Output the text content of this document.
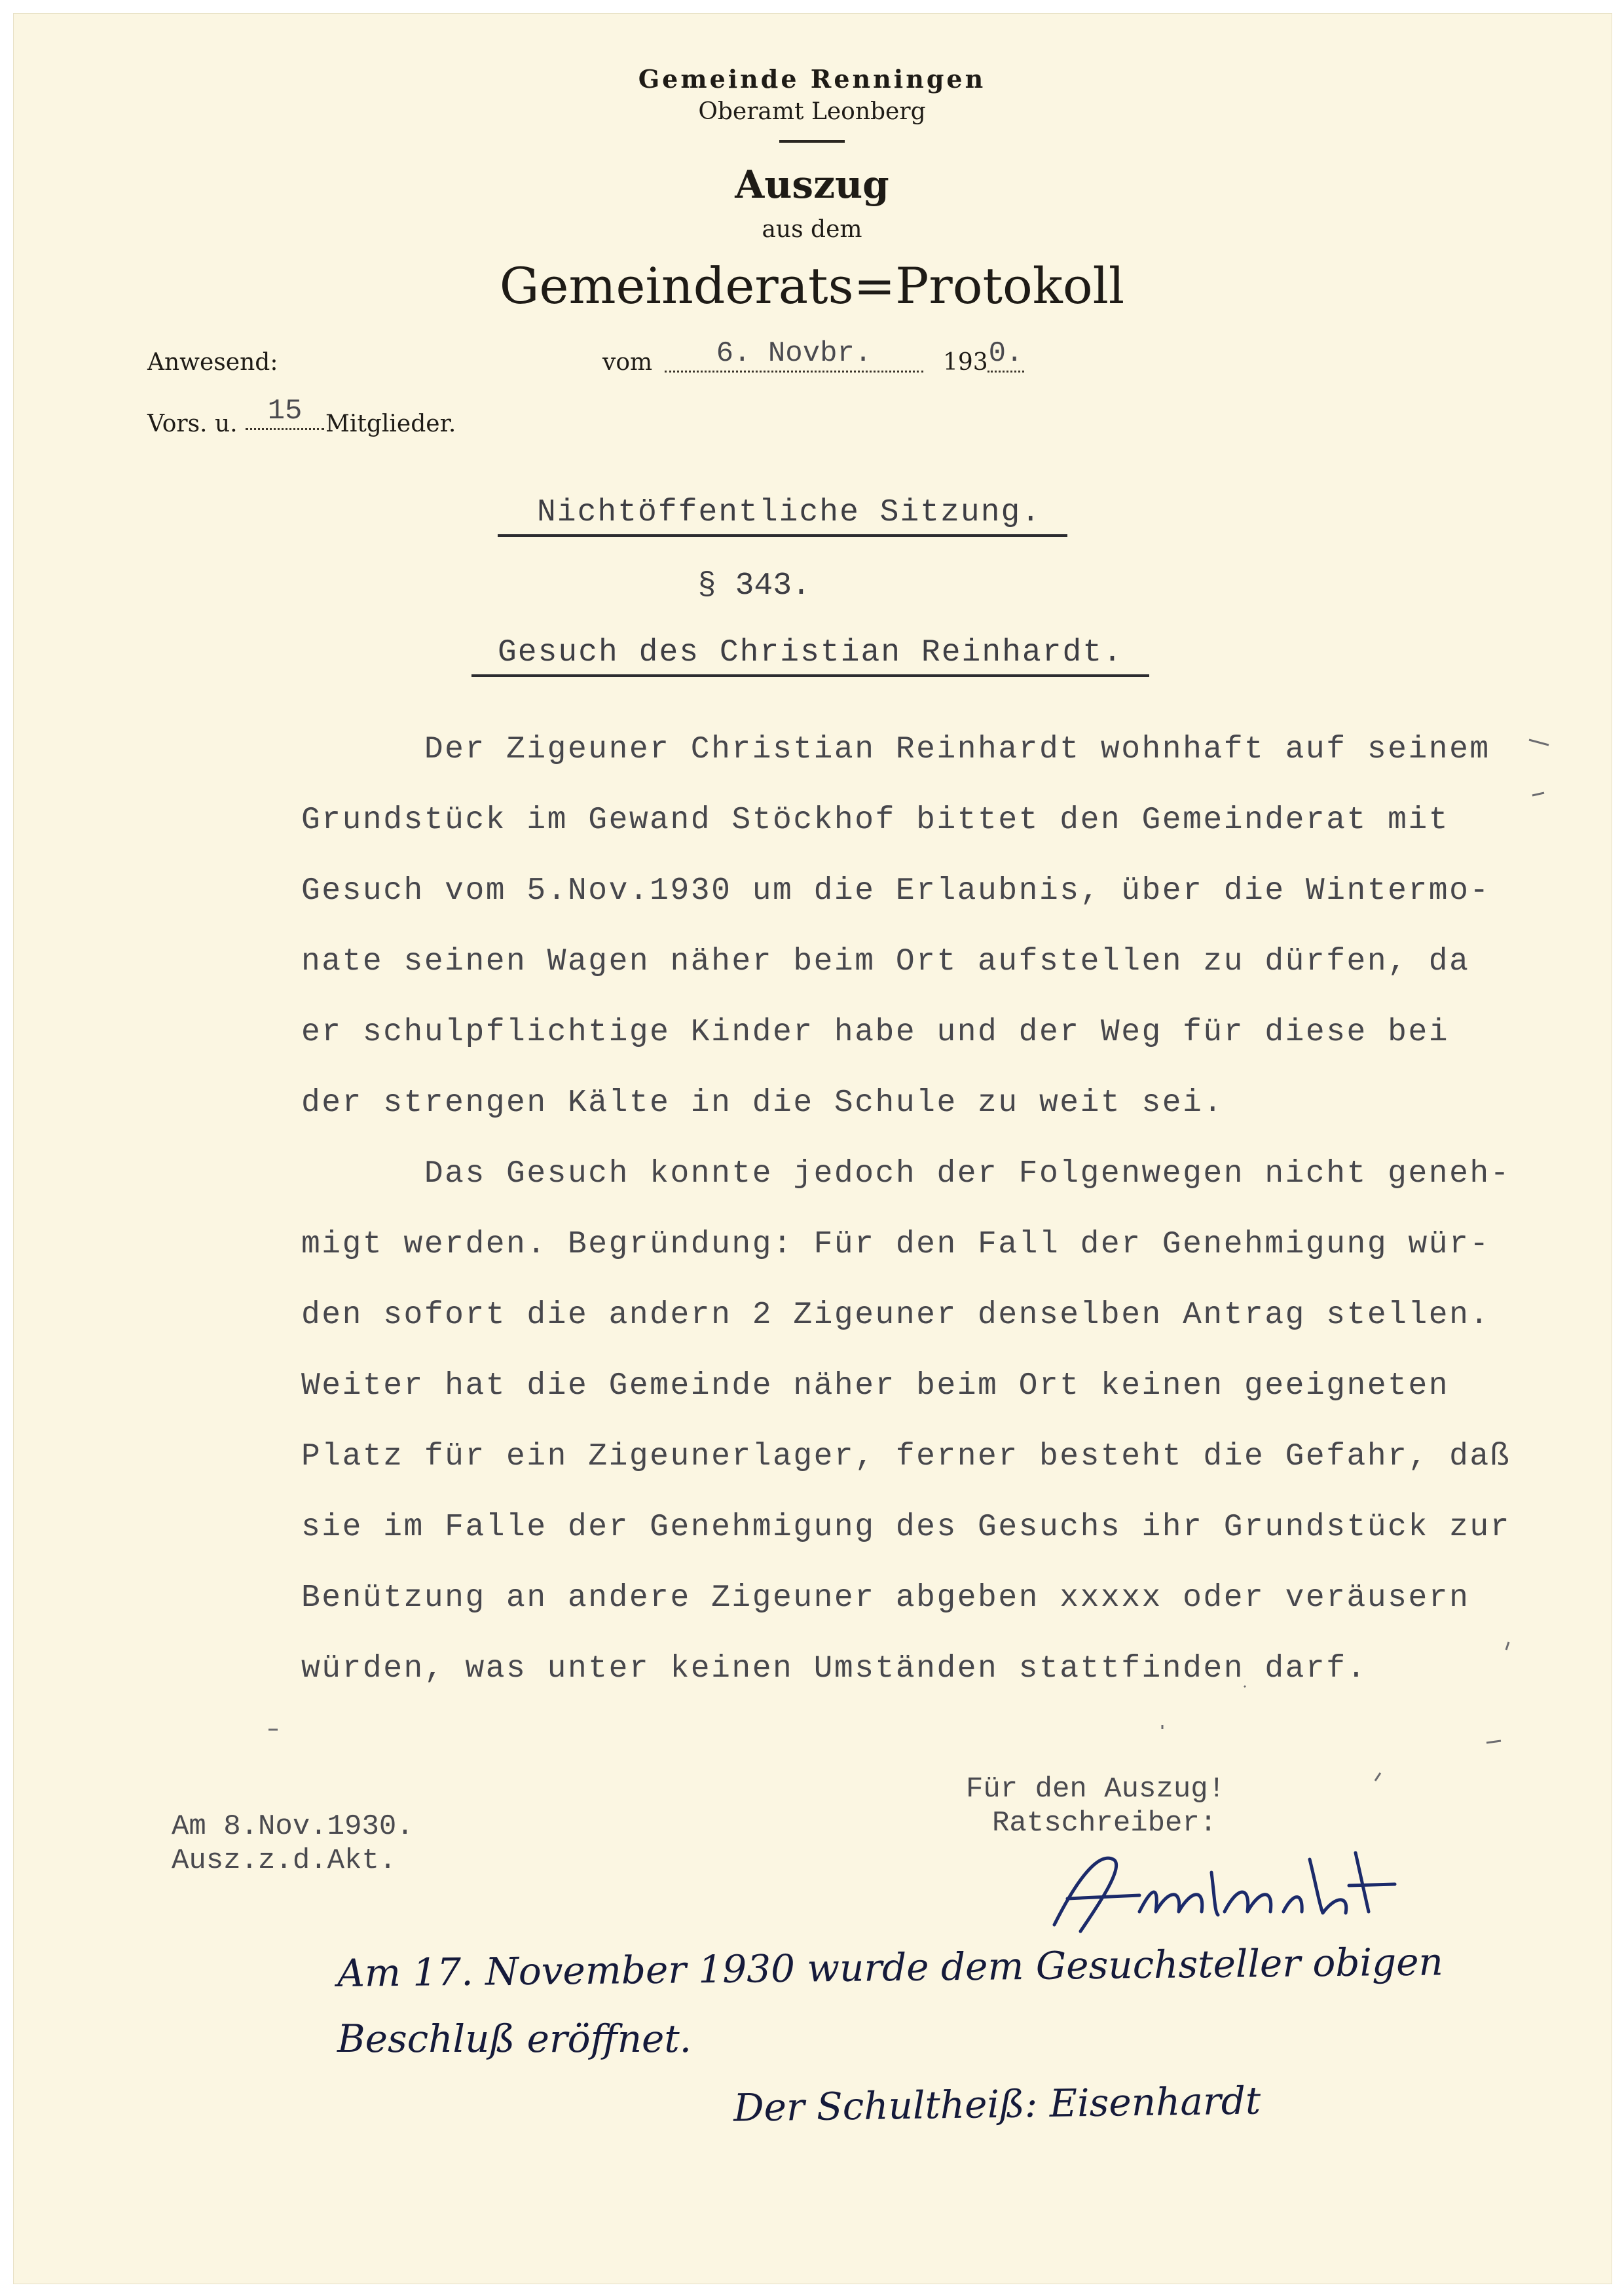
Gemeinde Renningen
Oberamt Leonberg
Auszug
aus dem
Gemeinderats=Protokoll
Anwesend:	vom	6. Novbr.	193 0.
Vors. u.	15 Mitglieder.
Nichtöffentliche Sitzung.
§ 343.
Gesuch des Christian Reinhardt.
Der Zigeuner Christian Reinhardt wohnhaft auf seinem
Grundstück im Gewand Stöckhof bittet den Gemeinderat mit
Gesuch vom 5.Nov.1930 um die Erlaubnis, über die Wintermo-
nate seinen Wagen näher beim Ort aufstellen zu dürfen, da
er schulpflichtige Kinder habe und der Weg für diese bei
der strengen Kälte in die Schule zu weit sei.
Das Gesuch konnte jedoch der Folgenwegen nicht geneh-
migt werden. Begründung: Für den Fall der Genehmigung wür-
den sofort die andern 2 Zigeuner denselben Antrag stellen.
Weiter hat die Gemeinde näher beim Ort keinen geeigneten
Platz für ein Zigeunerlager, ferner besteht die Gefahr, daß
sie im Falle der Genehmigung des Gesuchs ihr Grundstück zur
Benützung an andere Zigeuner abgeben xxxxx oder veräusern
würden, was unter keinen Umständen stattfinden darf.
Am 8.Nov.1930.
Ausz.z.d.Akt.
Für den Auszug!
Ratschreiber:
Am 17. November 1930 wurde dem Gesuchsteller obigen
Beschluß eröffnet.
Der Schultheiß: Eisenhardt
